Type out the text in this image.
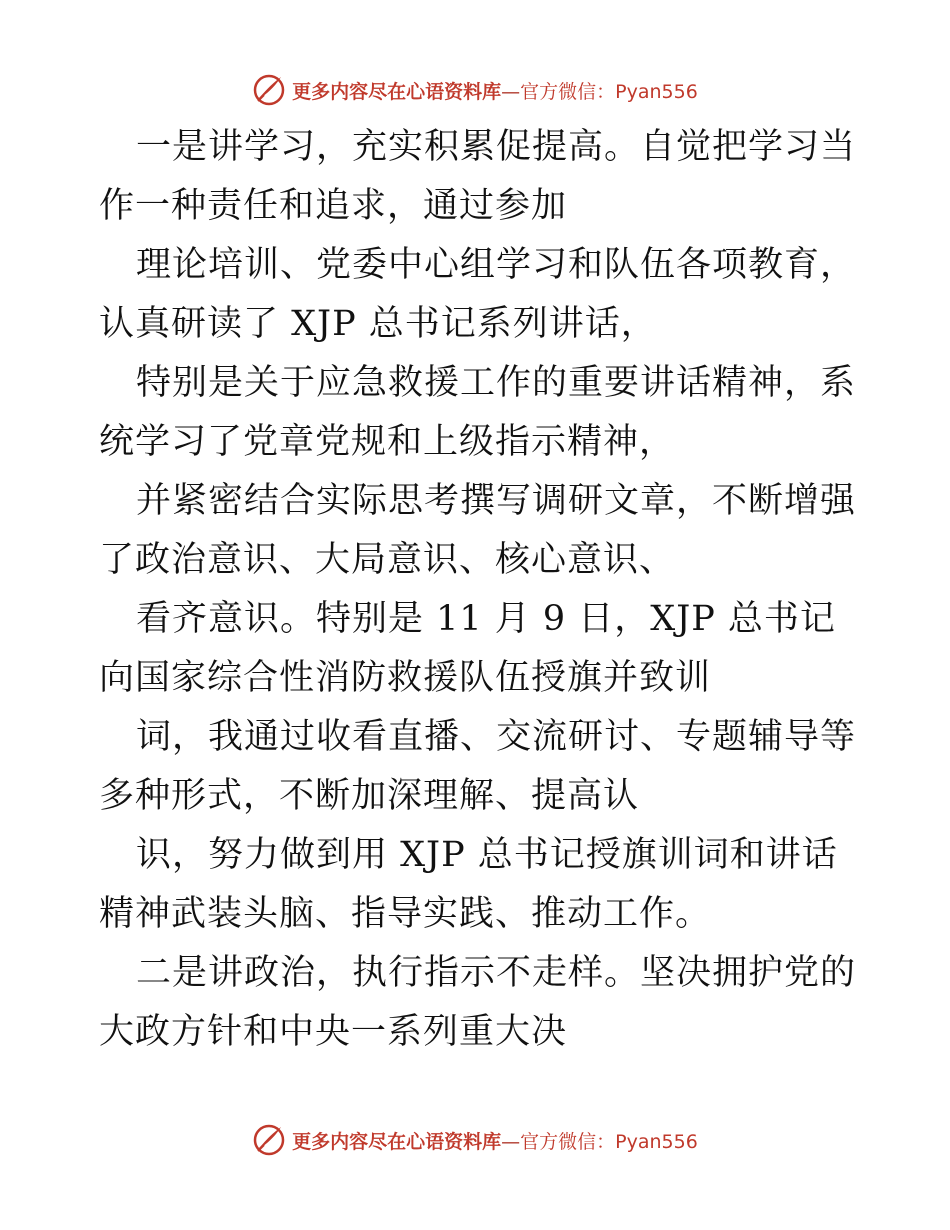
更多内容尽在心语资料库—官方微信：Pyan556

一是讲学习，充实积累促提高。自觉把学习当作一种责任和追求，通过参加

理论培训、党委中心组学习和队伍各项教育，认真研读了 XJP 总书记系列讲话，

特别是关于应急救援工作的重要讲话精神，系统学习了党章党规和上级指示精神，

并紧密结合实际思考撰写调研文章，不断增强了政治意识、大局意识、核心意识、

看齐意识。特别是 11 月 9 日，XJP 总书记向国家综合性消防救援队伍授旗并致训

词，我通过收看直播、交流研讨、专题辅导等多种形式，不断加深理解、提高认

识，努力做到用 XJP 总书记授旗训词和讲话精神武装头脑、指导实践、推动工作。

二是讲政治，执行指示不走样。坚决拥护党的大政方针和中央一系列重大决

更多内容尽在心语资料库—官方微信：Pyan556
